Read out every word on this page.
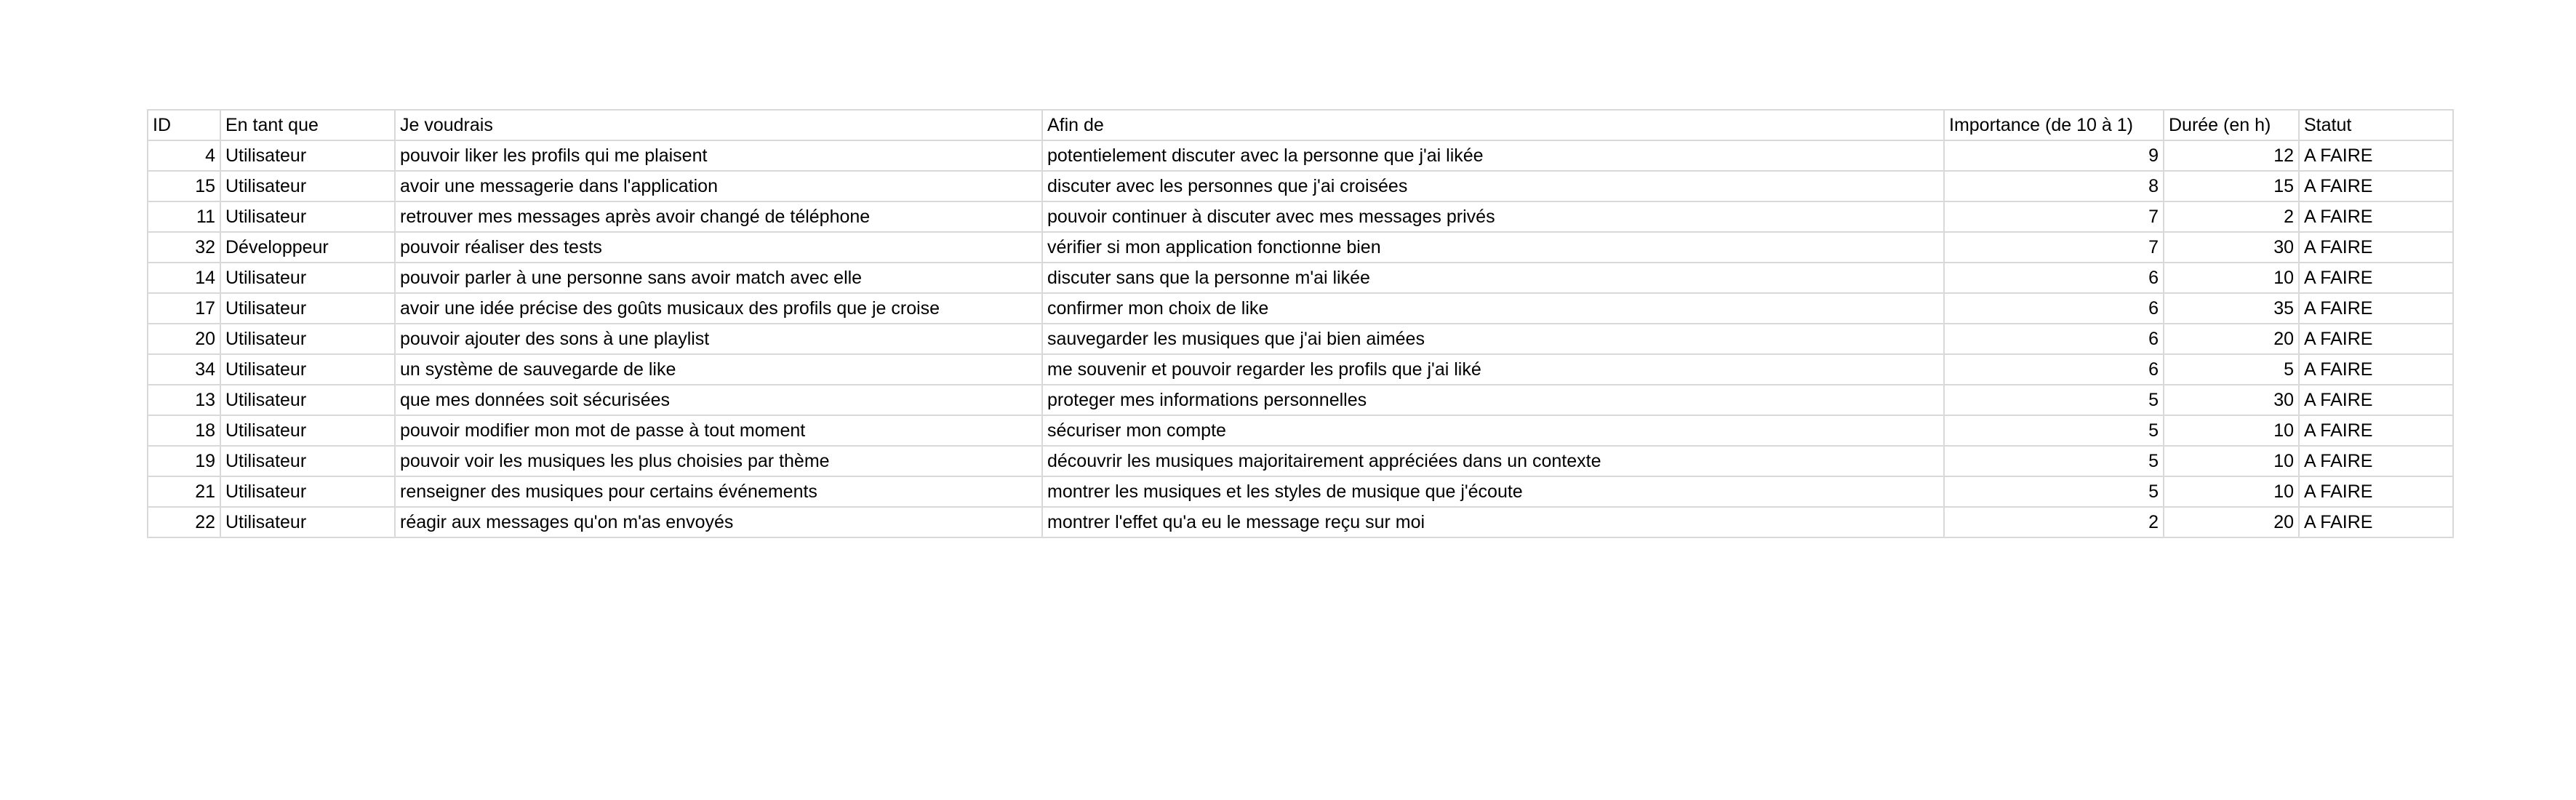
ID	En tant que	Je voudrais	Afin de	Importance (de 10 à 1)	Durée (en h)	Statut
4	Utilisateur	pouvoir liker les profils qui me plaisent	potentielement discuter avec la personne que j'ai likée	9	12	A FAIRE
15	Utilisateur	avoir une messagerie dans l'application	discuter avec les personnes que j'ai croisées	8	15	A FAIRE
11	Utilisateur	retrouver mes messages après avoir changé de téléphone	pouvoir continuer à discuter avec mes messages privés	7	2	A FAIRE
32	Développeur	pouvoir réaliser des tests	vérifier si mon application fonctionne bien	7	30	A FAIRE
14	Utilisateur	pouvoir parler à une personne sans avoir match avec elle	discuter sans que la personne m'ai likée	6	10	A FAIRE
17	Utilisateur	avoir une idée précise des goûts musicaux des profils que je croise	confirmer mon choix de like	6	35	A FAIRE
20	Utilisateur	pouvoir ajouter des sons à une playlist	sauvegarder les musiques que j'ai bien aimées	6	20	A FAIRE
34	Utilisateur	un système de sauvegarde de like	me souvenir et pouvoir regarder les profils que j'ai liké	6	5	A FAIRE
13	Utilisateur	que mes données soit sécurisées	proteger mes informations personnelles	5	30	A FAIRE
18	Utilisateur	pouvoir modifier mon mot de passe à tout moment	sécuriser mon compte	5	10	A FAIRE
19	Utilisateur	pouvoir voir les musiques les plus choisies par thème	découvrir les musiques majoritairement appréciées dans un contexte	5	10	A FAIRE
21	Utilisateur	renseigner des musiques pour certains événements	montrer les musiques et les styles de musique que j'écoute	5	10	A FAIRE
22	Utilisateur	réagir aux messages qu'on m'as envoyés	montrer l'effet qu'a eu le message reçu sur moi	2	20	A FAIRE
